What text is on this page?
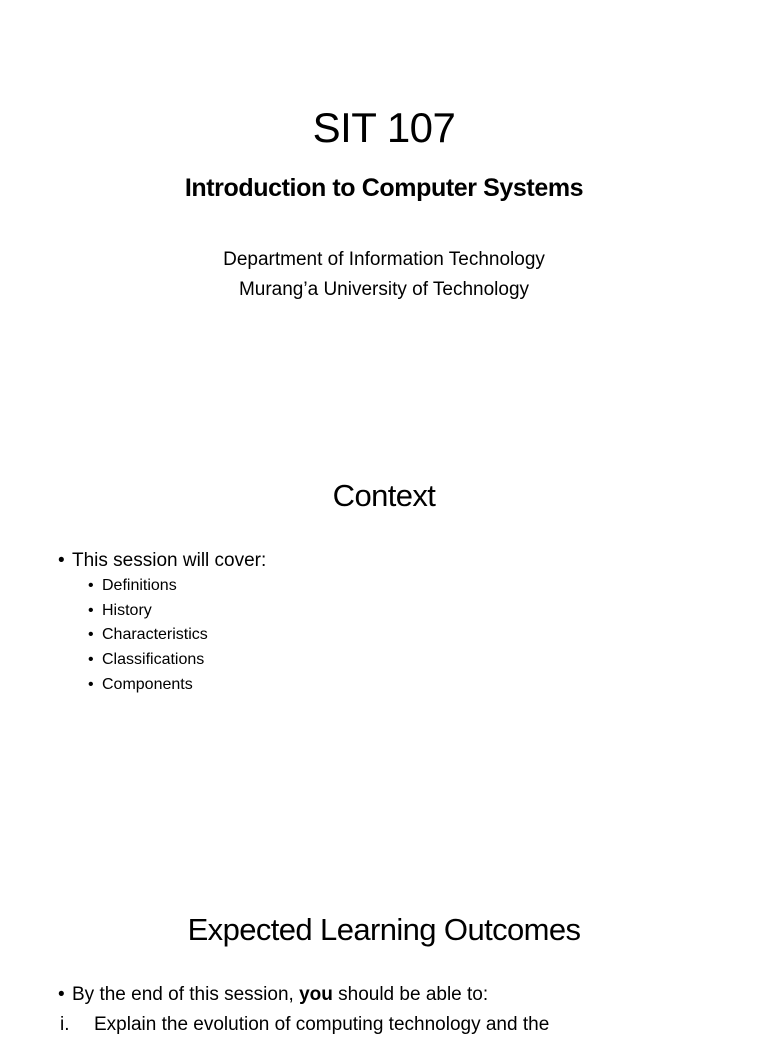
SIT 107
Introduction to Computer Systems
Department of Information Technology
Murang’a University of Technology
Context
• This session will cover:
• Definitions
• History
• Characteristics
• Classifications
• Components
Expected Learning Outcomes
• By the end of this session, you should be able to:
i. Explain the evolution of computing technology and the
